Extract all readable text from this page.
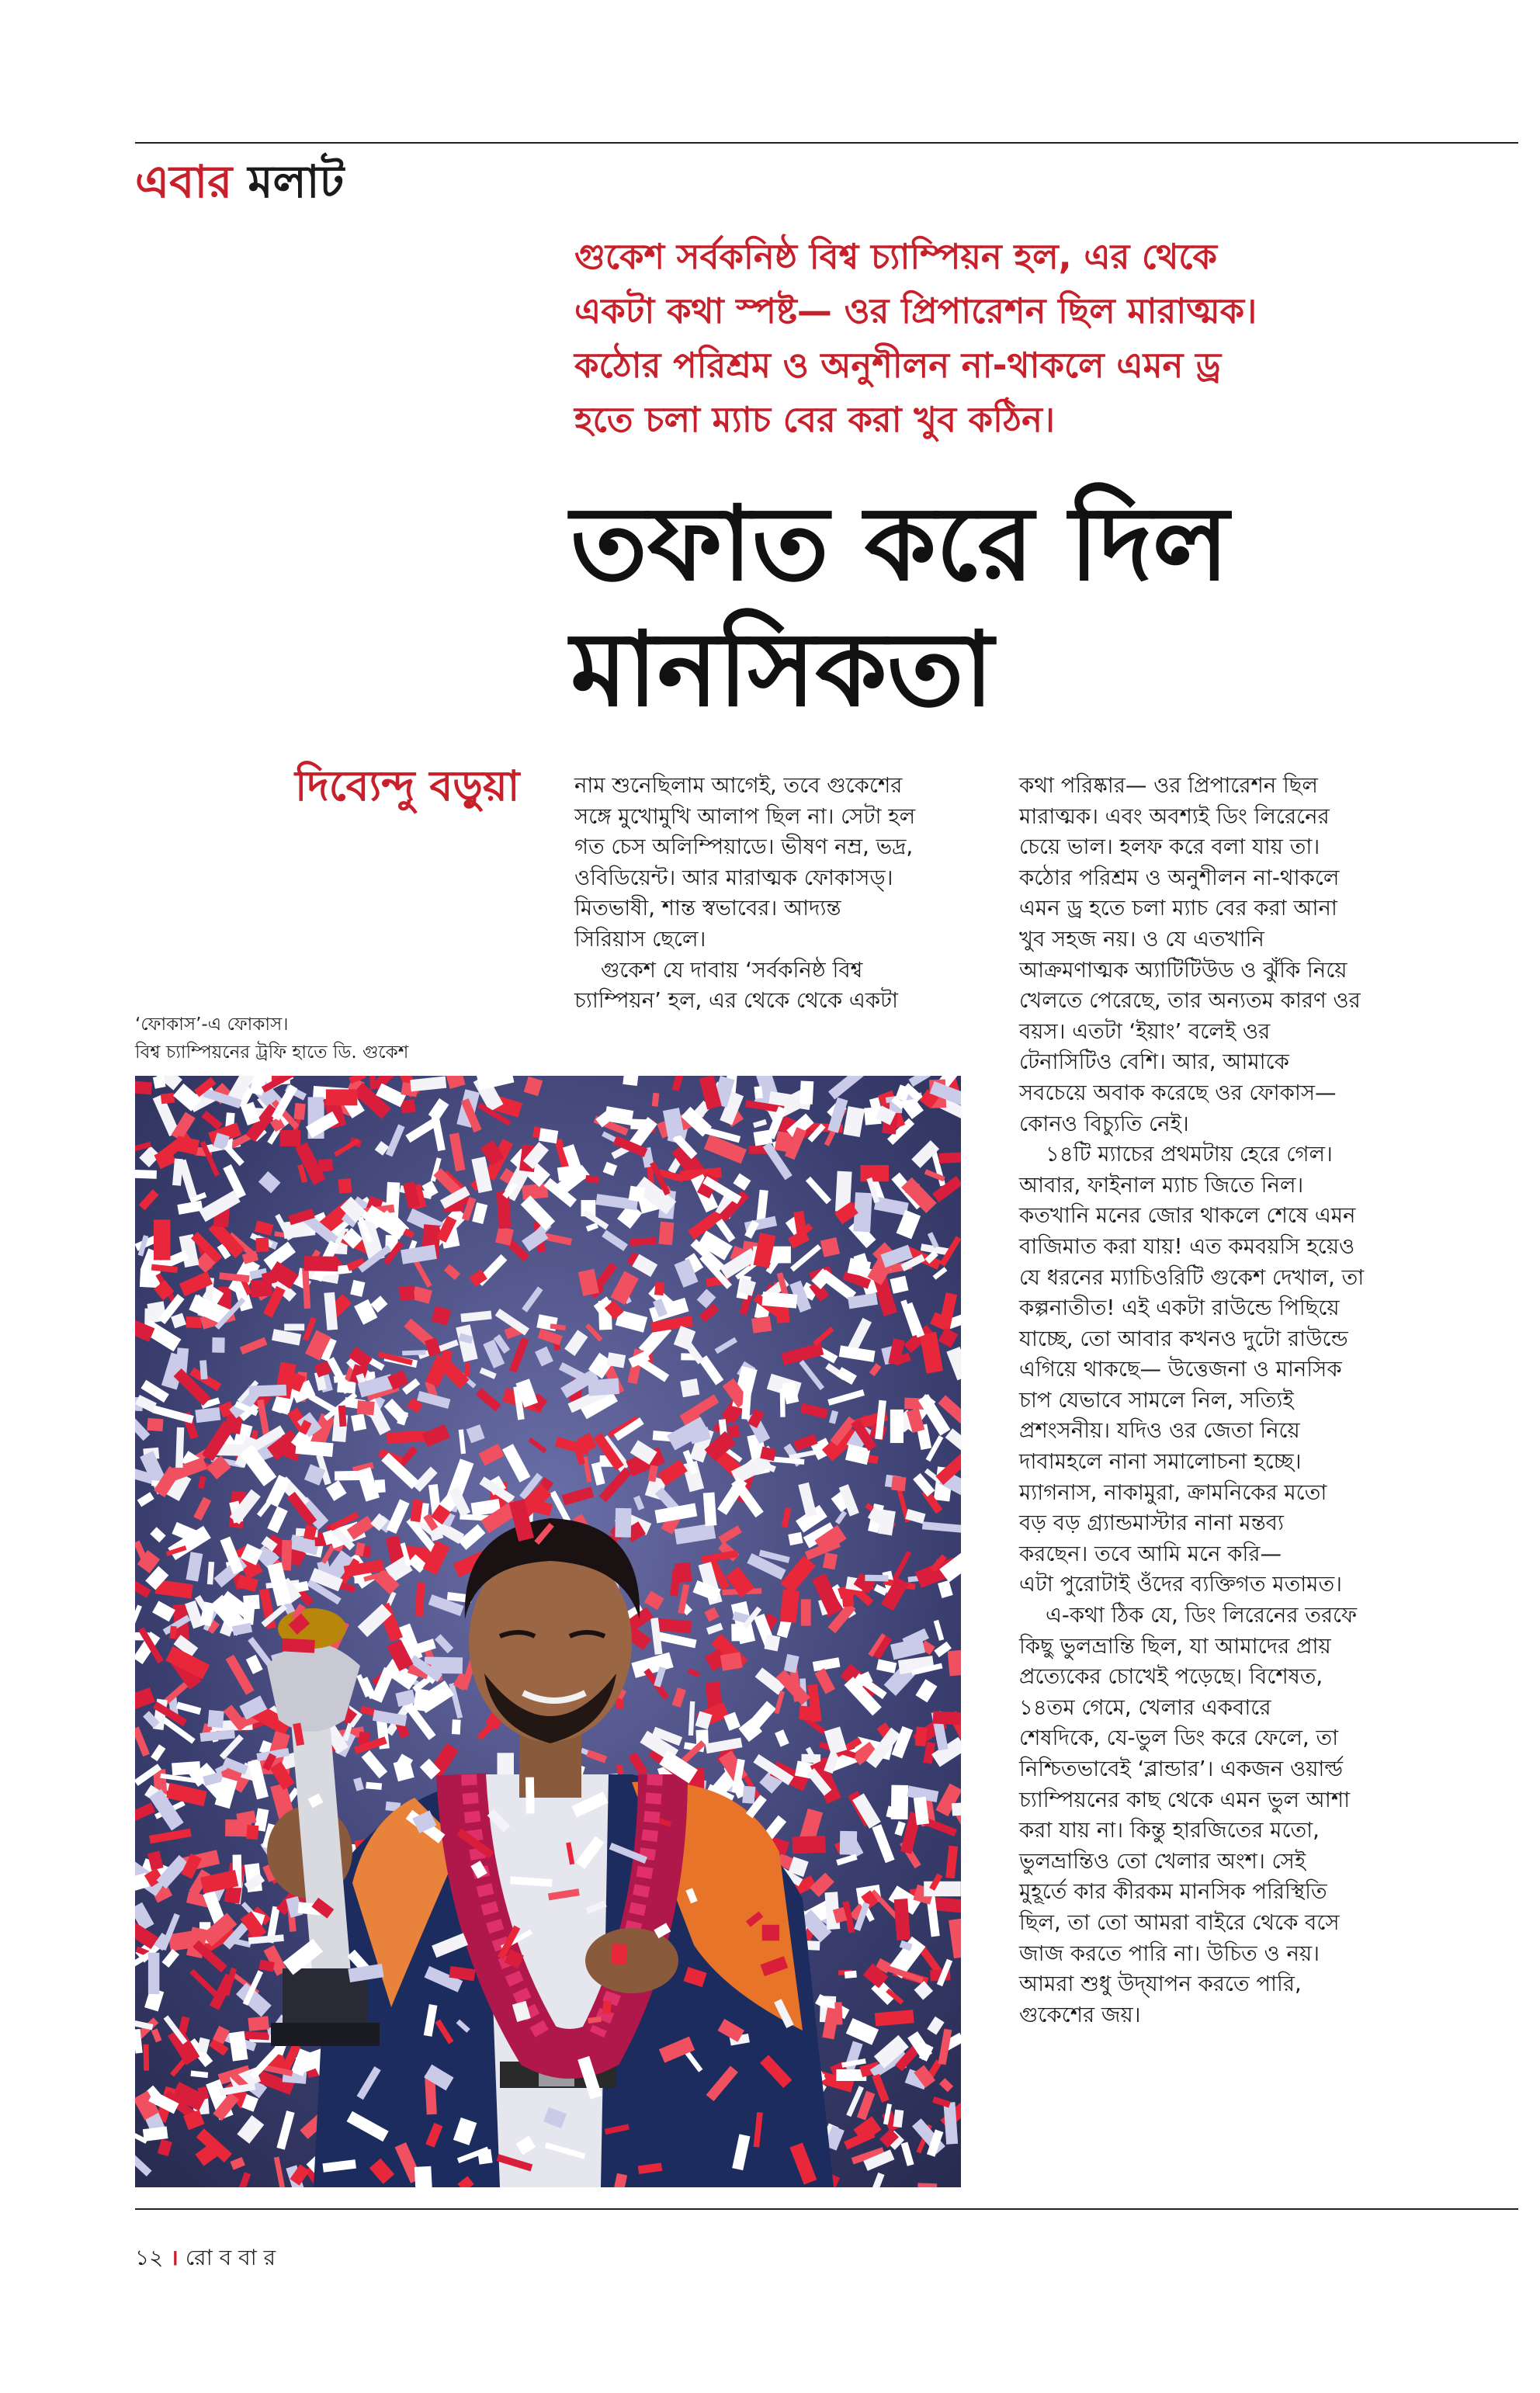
এবার মলাট

গুকেশ সর্বকনিষ্ঠ বিশ্ব চ্যাম্পিয়ন হল, এর থেকে

একটা কথা স্পষ্ট— ওর প্রিপারেশন ছিল মারাত্মক।

কঠোর পরিশ্রম ও অনুশীলন না-থাকলে এমন ড্র

হতে চলা ম্যাচ বের করা খুব কঠিন।

তফাত করে দিল

মানসিকতা

দিব্যেন্দু বড়ুয়া

‘ফোকাস’-এ ফোকাস।

বিশ্ব চ্যাম্পিয়নের ট্রফি হাতে ডি. গুকেশ

নাম শুনেছিলাম আগেই, তবে গুকেশের

সঙ্গে মুখোমুখি আলাপ ছিল না। সেটা হল

গত চেস অলিম্পিয়াডে। ভীষণ নম্র, ভদ্র,

ওবিডিয়েন্ট। আর মারাত্মক ফোকাসড্।

মিতভাষী, শান্ত স্বভাবের। আদ্যন্ত

সিরিয়াস ছেলে।

গুকেশ যে দাবায় ‘সর্বকনিষ্ঠ বিশ্ব

চ্যাম্পিয়ন’ হল, এর থেকে থেকে একটা

কথা পরিষ্কার— ওর প্রিপারেশন ছিল

মারাত্মক। এবং অবশ্যই ডিং লিরেনের

চেয়ে ভাল। হলফ করে বলা যায় তা।

কঠোর পরিশ্রম ও অনুশীলন না-থাকলে

এমন ড্র হতে চলা ম্যাচ বের করা আনা

খুব সহজ নয়। ও যে এতখানি

আক্রমণাত্মক অ্যাটিটিউড ও ঝুঁকি নিয়ে

খেলতে পেরেছে, তার অন্যতম কারণ ওর

বয়স। এতটা ‘ইয়াং’ বলেই ওর

টেনাসিটিও বেশি। আর, আমাকে

সবচেয়ে অবাক করেছে ওর ফোকাস—

কোনও বিচ্যুতি নেই।

১৪টি ম্যাচের প্রথমটায় হেরে গেল।

আবার, ফাইনাল ম্যাচ জিতে নিল।

কতখানি মনের জোর থাকলে শেষে এমন

বাজিমাত করা যায়! এত কমবয়সি হয়েও

যে ধরনের ম্যাচিওরিটি গুকেশ দেখাল, তা

কল্পনাতীত! এই একটা রাউন্ডে পিছিয়ে

যাচ্ছে, তো আবার কখনও দুটো রাউন্ডে

এগিয়ে থাকছে— উত্তেজনা ও মানসিক

চাপ যেভাবে সামলে নিল, সত্যিই

প্রশংসনীয়। যদিও ওর জেতা নিয়ে

দাবামহলে নানা সমালোচনা হচ্ছে।

ম্যাগনাস, নাকামুরা, ক্রামনিকের মতো

বড় বড় গ্র্যান্ডমাস্টার নানা মন্তব্য

করছেন। তবে আমি মনে করি—

এটা পুরোটাই ওঁদের ব্যক্তিগত মতামত।

এ-কথা ঠিক যে, ডিং লিরেনের তরফে

কিছু ভুলভ্রান্তি ছিল, যা আমাদের প্রায়

প্রত্যেকের চোখেই পড়েছে। বিশেষত,

১৪তম গেমে, খেলার একবারে

শেষদিকে, যে-ভুল ডিং করে ফেলে, তা

নিশ্চিতভাবেই ‘ব্লান্ডার’। একজন ওয়ার্ল্ড

চ্যাম্পিয়নের কাছ থেকে এমন ভুল আশা

করা যায় না। কিন্তু হারজিতের মতো,

ভুলভ্রান্তিও তো খেলার অংশ। সেই

মুহূর্তে কার কীরকম মানসিক পরিস্থিতি

ছিল, তা তো আমরা বাইরে থেকে বসে

জাজ করতে পারি না। উচিত ও নয়।

আমরা শুধু উদ্‌যাপন করতে পারি,

গুকেশের জয়।

১২ । রো ব বা র
